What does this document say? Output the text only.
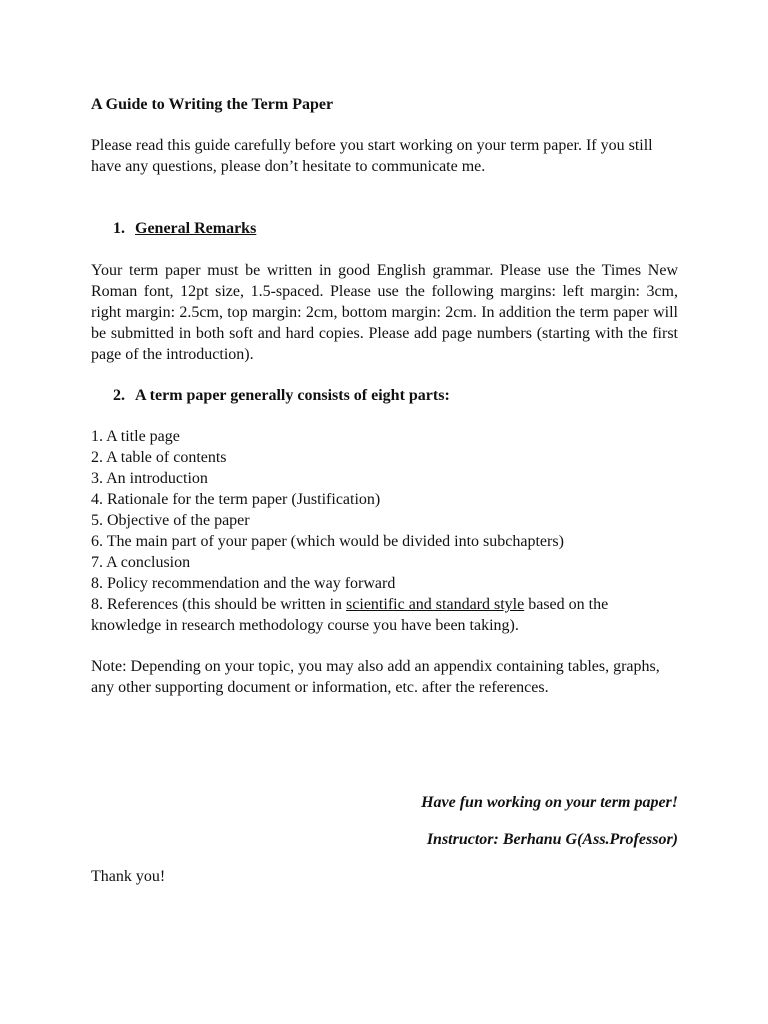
A Guide to Writing the Term Paper

Please read this guide carefully before you start working on your term paper. If you still have any questions, please don’t hesitate to communicate me.

1. General Remarks

Your term paper must be written in good English grammar. Please use the Times New Roman font, 12pt size, 1.5-spaced. Please use the following margins: left margin: 3cm, right margin: 2.5cm, top margin: 2cm, bottom margin: 2cm. In addition the term paper will be submitted in both soft and hard copies. Please add page numbers (starting with the first page of the introduction).

2. A term paper generally consists of eight parts:

1. A title page
2. A table of contents
3. An introduction
4. Rationale for the term paper (Justification)
5. Objective of the paper
6. The main part of your paper (which would be divided into subchapters)
7. A conclusion
8. Policy recommendation and the way forward
8. References (this should be written in scientific and standard style based on the knowledge in research methodology course you have been taking).

Note: Depending on your topic, you may also add an appendix containing tables, graphs, any other supporting document or information, etc. after the references.

Have fun working on your term paper!

Instructor: Berhanu G(Ass.Professor)

Thank you!
